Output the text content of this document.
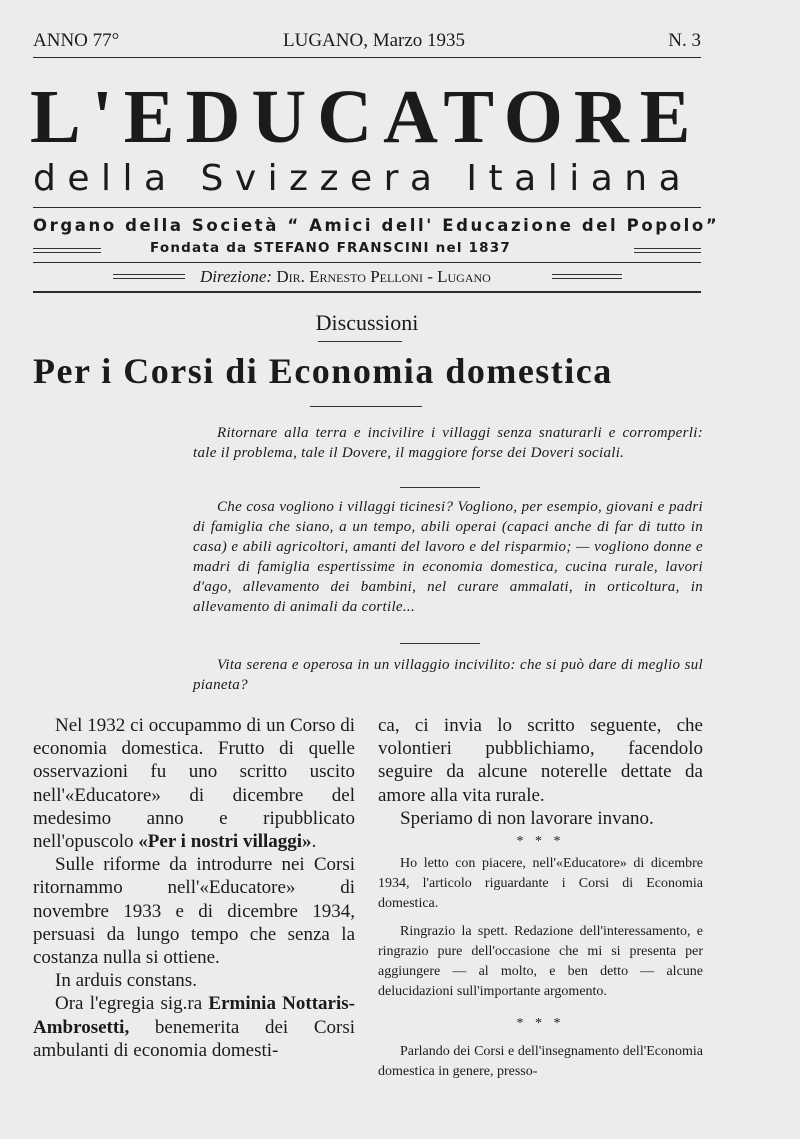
ANNO 77°	LUGANO, Marzo 1935	N. 3
L'EDUCATORE
della Svizzera Italiana
Organo della Società “ Amici dell' Educazione del Popolo”
Fondata da STEFANO FRANSCINI nel 1837
Direzione: Dir. Ernesto Pelloni - Lugano
Discussioni
Per i Corsi di Economia domestica
Ritornare alla terra e incivilire i villaggi senza snaturarli e corromperli: tale il problema, tale il Dovere, il maggiore forse dei Doveri sociali.
Che cosa vogliono i villaggi ticinesi? Vogliono, per esempio, giovani e padri di famiglia che siano, a un tempo, abili operai (capaci anche di far di tutto in casa) e abili agricoltori, amanti del lavoro e del risparmio; — vogliono donne e madri di famiglia espertissime in economia domestica, cucina rurale, lavori d'ago, allevamento dei bambini, nel curare ammalati, in orticoltura, in allevamento di animali da cortile...
Vita serena e operosa in un villaggio incivilito: che si può dare di meglio sul pianeta?

Nel 1932 ci occupammo di un Corso di economia domestica. Frutto di quelle osservazioni fu uno scritto uscito nell'«Educatore» di dicembre del medesimo anno e ripubblicato nell'opuscolo «Per i nostri villaggi».

Sulle riforme da introdurre nei Corsi ritornammo nell'«Educatore» di novembre 1933 e di dicembre 1934, persuasi da lungo tempo che senza la costanza nulla si ottiene.

In arduis constans.

Ora l'egregia sig.ra Erminia Nottaris-Ambrosetti, benemerita dei Corsi ambulanti di economia domesti-

ca, ci invia lo scritto seguente, che volontieri pubblichiamo, facendolo seguire da alcune noterelle dettate da amore alla vita rurale.

Speriamo di non lavorare invano.

* * *

Ho letto con piacere, nell'«Educatore» di dicembre 1934, l'articolo riguardante i Corsi di Economia domestica.

Ringrazio la spett. Redazione dell'interessamento, e ringrazio pure dell'occasione che mi si presenta per aggiungere — al molto, e ben detto — alcune delucidazioni sull'importante argomento.

* * *

Parlando dei Corsi e dell'insegnamento dell'Economia domestica in genere, presso-
